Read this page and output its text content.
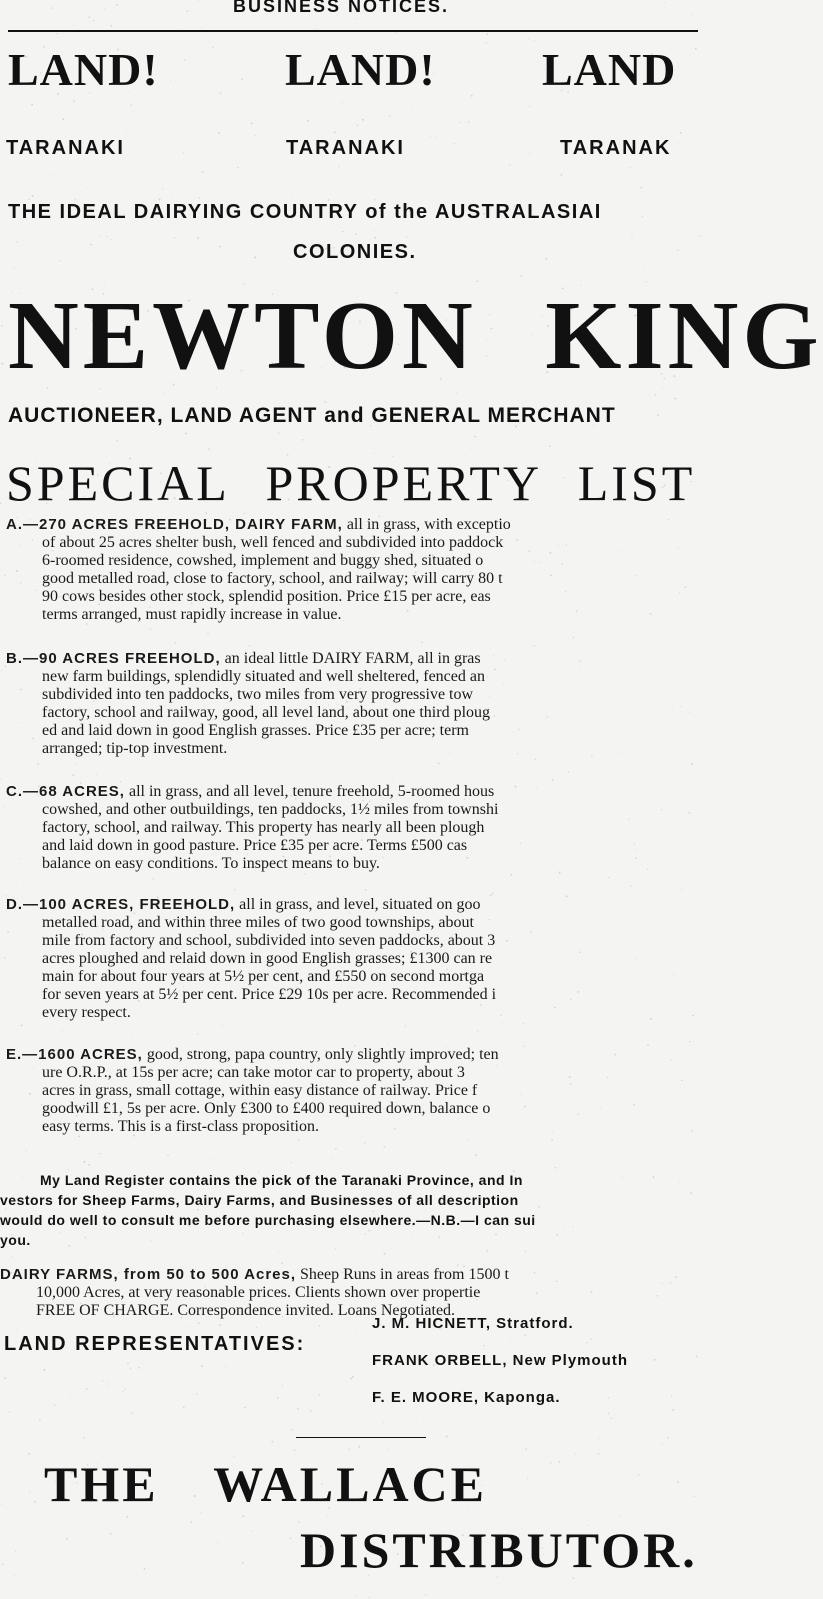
BUSINESS NOTICES.
LAND!	LAND! LAND
TARANAKI	TARANAKI	TARANAK
THE IDEAL DAIRYING COUNTRY of the AUSTRALASIAI
COLONIES.
NEWTON KING
AUCTIONEER, LAND AGENT and GENERAL MERCHANT
SPECIAL PROPERTY LIST
A.—270 ACRES FREEHOLD, DAIRY FARM, all in grass, with exceptio
of about 25 acres shelter bush, well fenced and subdivided into paddock
6-roomed residence, cowshed, implement and buggy shed, situated o
good metalled road, close to factory, school, and railway; will carry 80 t
90 cows besides other stock, splendid position. Price £15 per acre, eas
terms arranged, must rapidly increase in value.
B.—90 ACRES FREEHOLD, an ideal little DAIRY FARM, all in gras
new farm buildings, splendidly situated and well sheltered, fenced an
subdivided into ten paddocks, two miles from very progressive tow
factory, school and railway, good, all level land, about one third ploug
ed and laid down in good English grasses. Price £35 per acre; term
arranged; tip-top investment.
C.—68 ACRES, all in grass, and all level, tenure freehold, 5-roomed hous
cowshed, and other outbuildings, ten paddocks, 1½ miles from townshi
factory, school, and railway. This property has nearly all been plough
and laid down in good pasture. Price £35 per acre. Terms £500 cas
balance on easy conditions. To inspect means to buy.
D.—100 ACRES, FREEHOLD, all in grass, and level, situated on goo
metalled road, and within three miles of two good townships, about
mile from factory and school, subdivided into seven paddocks, about 3
acres ploughed and relaid down in good English grasses; £1300 can re
main for about four years at 5½ per cent, and £550 on second mortga
for seven years at 5½ per cent. Price £29 10s per acre. Recommended i
every respect.
E.—1600 ACRES, good, strong, papa country, only slightly improved; ten
ure O.R.P., at 15s per acre; can take motor car to property, about 3
acres in grass, small cottage, within easy distance of railway. Price f
goodwill £1, 5s per acre. Only £300 to £400 required down, balance o
easy terms. This is a first-class proposition.
My Land Register contains the pick of the Taranaki Province, and In
vestors for Sheep Farms, Dairy Farms, and Businesses of all description
would do well to consult me before purchasing elsewhere.—N.B.—I can sui
you.
DAIRY FARMS, from 50 to 500 Acres, Sheep Runs in areas from 1500 t
10,000 Acres, at very reasonable prices. Clients shown over propertie
FREE OF CHARGE. Correspondence invited. Loans Negotiated.
LAND REPRESENTATIVES:
J. M. HICNETT, Stratford.
FRANK ORBELL, New Plymouth
F. E. MOORE, Kaponga.
THE WALLACE
DISTRIBUTOR.
